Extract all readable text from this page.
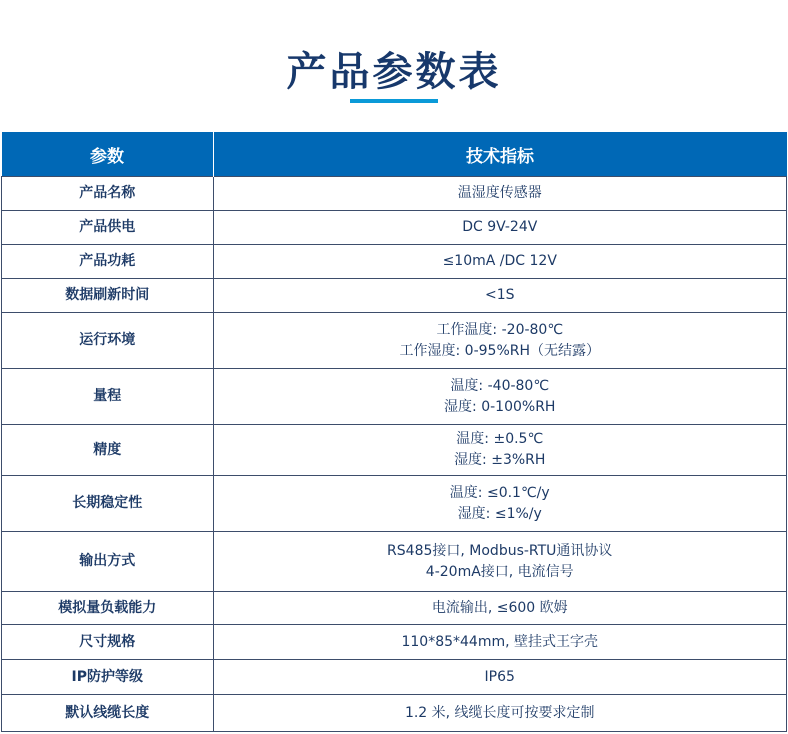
产品参数表
参数	技术指标
产品名称	温湿度传感器

产品供电	DC 9V-24V

产品功耗	≤10mA /DC 12V

数据刷新时间	<1S

运行环境	工作温度: -20-80℃
工作湿度: 0-95%RH（无结露）

量程	温度: -40-80℃
湿度: 0-100%RH

精度	温度: ±0.5℃
湿度: ±3%RH

长期稳定性	温度: ≤0.1℃/y
湿度: ≤1%/y

输出方式	RS485接口, Modbus-RTU通讯协议
4-20mA接口, 电流信号

模拟量负载能力	电流输出, ≤600 欧姆

尺寸规格	110*85*44mm, 壁挂式王字壳

IP防护等级	IP65

默认线缆长度	1.2 米, 线缆长度可按要求定制
